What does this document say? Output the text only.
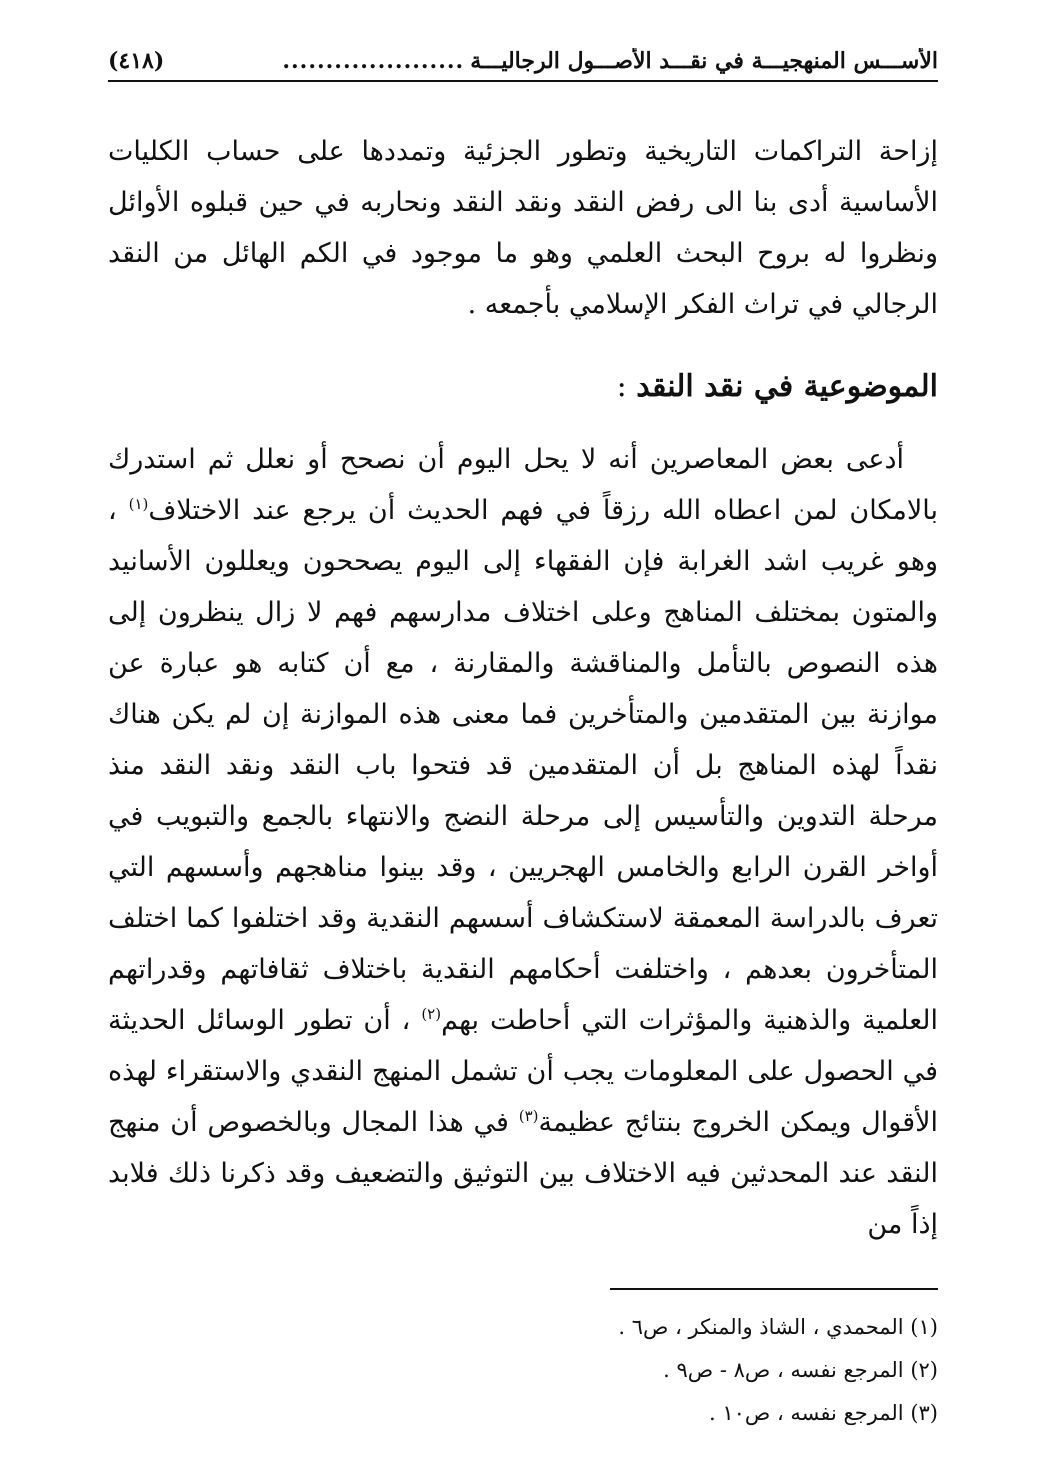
الأســـس المنهجيـــة في نقـــد الأصـــول الرجاليـــة
.....................
(٤١٨)
إزاحة التراكمات التاريخية وتطور الجزئية وتمددها على حساب الكليات الأساسية أدى بنا الى رفض النقد ونقد النقد ونحاربه في حين قبلوه الأوائل ونظروا له بروح البحث العلمي وهو ما موجود في الكم الهائل من النقد الرجالي في تراث الفكر الإسلامي بأجمعه .
الموضوعية في نقد النقد :
أدعى بعض المعاصرين أنه لا يحل اليوم أن نصحح أو نعلل ثم استدرك بالامكان لمن اعطاه الله رزقاً في فهم الحديث أن يرجع عند الاختلاف$^{(١)}$ ، وهو غريب اشد الغرابة فإن الفقهاء إلى اليوم يصححون ويعللون الأسانيد والمتون بمختلف المناهج وعلى اختلاف مدارسهم فهم لا زال ينظرون إلى هذه النصوص بالتأمل والمناقشة والمقارنة ، مع أن كتابه هو عبارة عن موازنة بين المتقدمين والمتأخرين فما معنى هذه الموازنة إن لم يكن هناك نقداً لهذه المناهج بل أن المتقدمين قد فتحوا باب النقد ونقد النقد منذ مرحلة التدوين والتأسيس إلى مرحلة النضج والانتهاء بالجمع والتبويب في أواخر القرن الرابع والخامس الهجريين ، وقد بينوا مناهجهم وأسسهم التي تعرف بالدراسة المعمقة لاستكشاف أسسهم النقدية وقد اختلفوا كما اختلف المتأخرون بعدهم ، واختلفت أحكامهم النقدية باختلاف ثقافاتهم وقدراتهم العلمية والذهنية والمؤثرات التي أحاطت بهم$^{(٢)}$ ، أن تطور الوسائل الحديثة في الحصول على المعلومات يجب أن تشمل المنهج النقدي والاستقراء لهذه الأقوال ويمكن الخروج بنتائج عظيمة$^{(٣)}$ في هذا المجال وبالخصوص أن منهج النقد عند المحدثين فيه الاختلاف بين التوثيق والتضعيف وقد ذكرنا ذلك فلابد إذاً من
(١) المحمدي ، الشاذ والمنكر ، ص٦ .
(٢) المرجع نفسه ، ص٨ - ص٩ .
(٣) المرجع نفسه ، ص١٠ .
